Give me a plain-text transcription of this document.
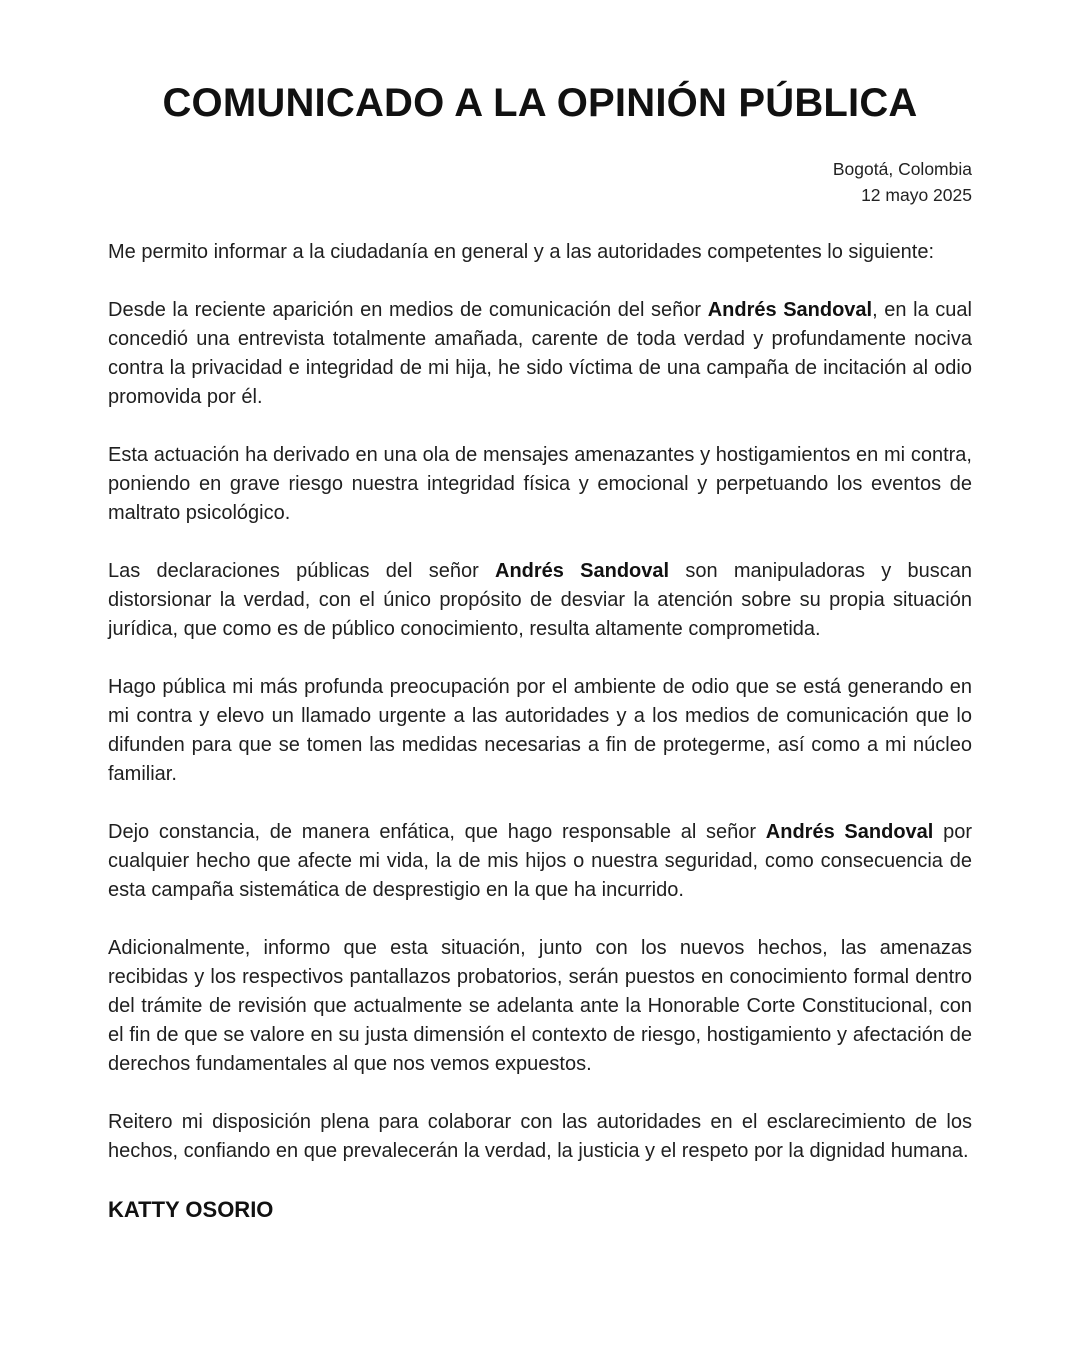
COMUNICADO A LA OPINIÓN PÚBLICA
Bogotá, Colombia
12 mayo 2025

Me permito informar a la ciudadanía en general y a las autoridades competentes lo siguiente:

Desde la reciente aparición en medios de comunicación del señor Andrés Sandoval, en la cual concedió una entrevista totalmente amañada, carente de toda verdad y profundamente nociva contra la privacidad e integridad de mi hija, he sido víctima de una campaña de incitación al odio promovida por él.

Esta actuación ha derivado en una ola de mensajes amenazantes y hostigamientos en mi contra, poniendo en grave riesgo nuestra integridad física y emocional y perpetuando los eventos de maltrato psicológico.

Las declaraciones públicas del señor Andrés Sandoval son manipuladoras y buscan distorsionar la verdad, con el único propósito de desviar la atención sobre su propia situación jurídica, que como es de público conocimiento, resulta altamente comprometida.

Hago pública mi más profunda preocupación por el ambiente de odio que se está generando en mi contra y elevo un llamado urgente a las autoridades y a los medios de comunicación que lo difunden para que se tomen las medidas necesarias a fin de protegerme, así como a mi núcleo familiar.

Dejo constancia, de manera enfática, que hago responsable al señor Andrés Sandoval por cualquier hecho que afecte mi vida, la de mis hijos o nuestra seguridad, como consecuencia de esta campaña sistemática de desprestigio en la que ha incurrido.

Adicionalmente, informo que esta situación, junto con los nuevos hechos, las amenazas recibidas y los respectivos pantallazos probatorios, serán puestos en conocimiento formal dentro del trámite de revisión que actualmente se adelanta ante la Honorable Corte Constitucional, con el fin de que se valore en su justa dimensión el contexto de riesgo, hostigamiento y afectación de derechos fundamentales al que nos vemos expuestos.

Reitero mi disposición plena para colaborar con las autoridades en el esclarecimiento de los hechos, confiando en que prevalecerán la verdad, la justicia y el respeto por la dignidad humana.

KATTY OSORIO
